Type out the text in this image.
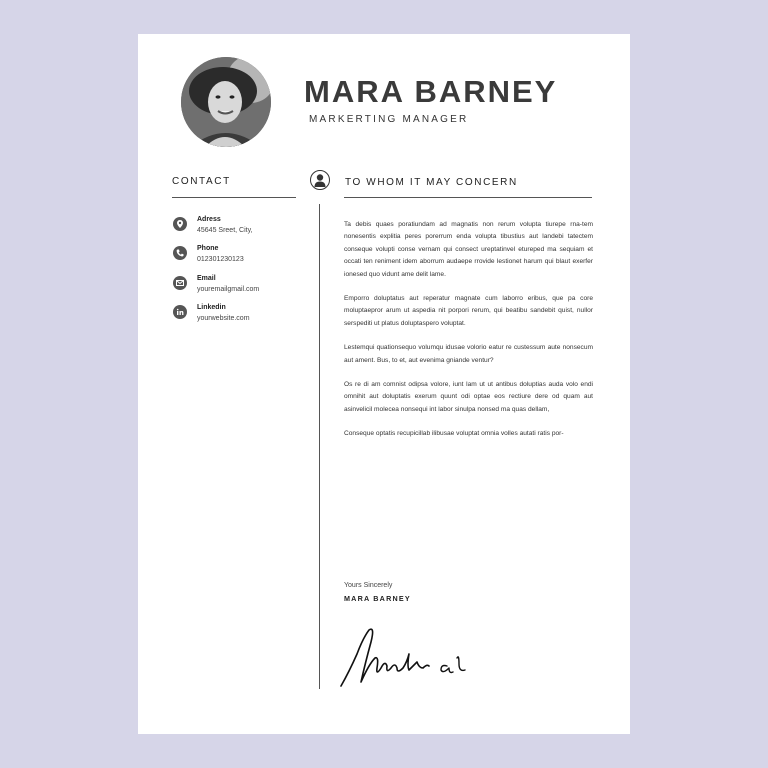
MARA BARNEY
MARKERTING MANAGER
CONTACT	TO WHOM IT MAY CONCERN
Adress
45645 Sreet, City,
Phone
012301230123
Email
youremailgmail.com
Linkedin
yourwebsite.com

Ta debis quaes poratiundam ad magnatis non rerum volupta tiurepe rna-tem nonesentis explitia peres porerrum enda volupta tibustius aut landebi tatectem conseque volupti conse vernam qui consect ureptatinvel etureped ma sequiam et occati ten reniment idem aborrum audaepe rrovide lestionet harum qui blaut exerfer ionesed quo vidunt ame delit lame.

Emporro doluptatus aut reperatur magnate cum laborro eribus, que pa core moluptaepror arum ut aspedia nit porpori rerum, qui beatibu sandebit quist, nullor serspediti ut platus doluptaspero voluptat.

Lestemqui quationsequo volumqu idusae volorio eatur re custessum aute nonsecum aut ament. Bus, to et, aut evenima gniande ventur?

Os re di am comnist odipsa volore, iunt lam ut ut antibus doluptias auda volo endi omnihit aut doluptatis exerum quunt odi optae eos rectiure dere od quam aut asinvelicil molecea nonsequi int labor sinulpa nonsed ma quas dellam,

Conseque optatis recupicillab ilibusae voluptat omnia volles autati ratis por-

Yours Sincerely
MARA BARNEY
